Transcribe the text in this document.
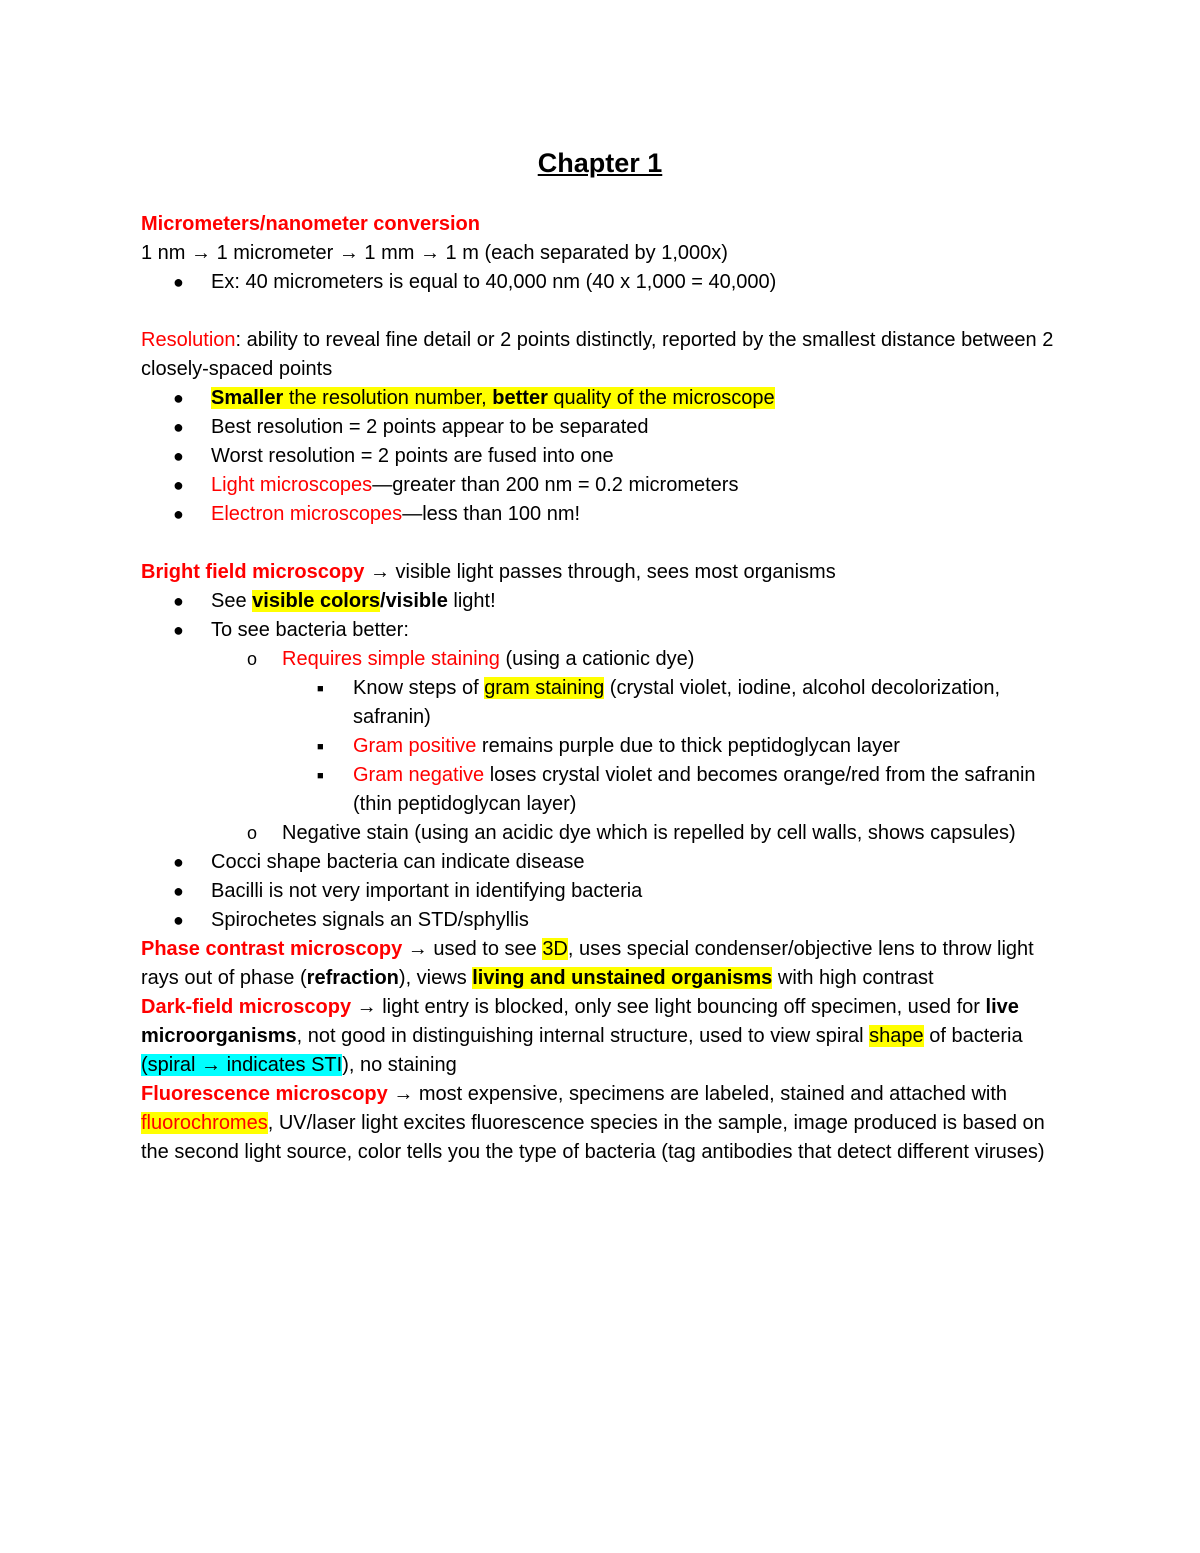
Chapter 1

Micrometers/nanometer conversion

1 nm → 1 micrometer → 1 mm → 1 m (each separated by 1,000x)

● Ex: 40 micrometers is equal to 40,000 nm (40 x 1,000 = 40,000)

Resolution: ability to reveal fine detail or 2 points distinctly, reported by the smallest distance between 2 closely-spaced points

● Smaller the resolution number, better quality of the microscope
● Best resolution = 2 points appear to be separated
● Worst resolution = 2 points are fused into one
● Light microscopes—greater than 200 nm = 0.2 micrometers
● Electron microscopes—less than 100 nm!

Bright field microscopy → visible light passes through, sees most organisms

● See visible colors/visible light!
● To see bacteria better:
o Requires simple staining (using a cationic dye)
■ Know steps of gram staining (crystal violet, iodine, alcohol decolorization, safranin)
■ Gram positive remains purple due to thick peptidoglycan layer
■ Gram negative loses crystal violet and becomes orange/red from the safranin (thin peptidoglycan layer)
o Negative stain (using an acidic dye which is repelled by cell walls, shows capsules)
● Cocci shape bacteria can indicate disease
● Bacilli is not very important in identifying bacteria
● Spirochetes signals an STD/sphyllis

Phase contrast microscopy → used to see 3D, uses special condenser/objective lens to throw light rays out of phase (refraction), views living and unstained organisms with high contrast

Dark-field microscopy → light entry is blocked, only see light bouncing off specimen, used for live microorganisms, not good in distinguishing internal structure, used to view spiral shape of bacteria (spiral → indicates STI), no staining

Fluorescence microscopy → most expensive, specimens are labeled, stained and attached with fluorochromes, UV/laser light excites fluorescence species in the sample, image produced is based on the second light source, color tells you the type of bacteria (tag antibodies that detect different viruses)
